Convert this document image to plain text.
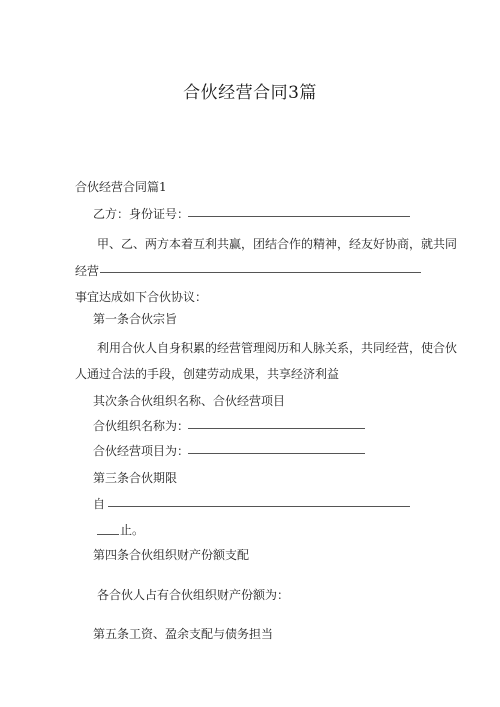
合伙经营合同3篇
合伙经营合同篇1
乙方：身份证号：
甲、乙、两方本着互利共赢，团结合作的精神，经友好协商，就共同
经营
事宜达成如下合伙协议：
第一条合伙宗旨
利用合伙人自身积累的经营管理阅历和人脉关系，共同经营，使合伙
人通过合法的手段，创建劳动成果，共享经济利益
其次条合伙组织名称、合伙经营项目
合伙组织名称为：
合伙经营项目为：
第三条合伙期限
自
止。
第四条合伙组织财产份额支配
各合伙人占有合伙组织财产份额为：
第五条工资、盈余支配与债务担当
